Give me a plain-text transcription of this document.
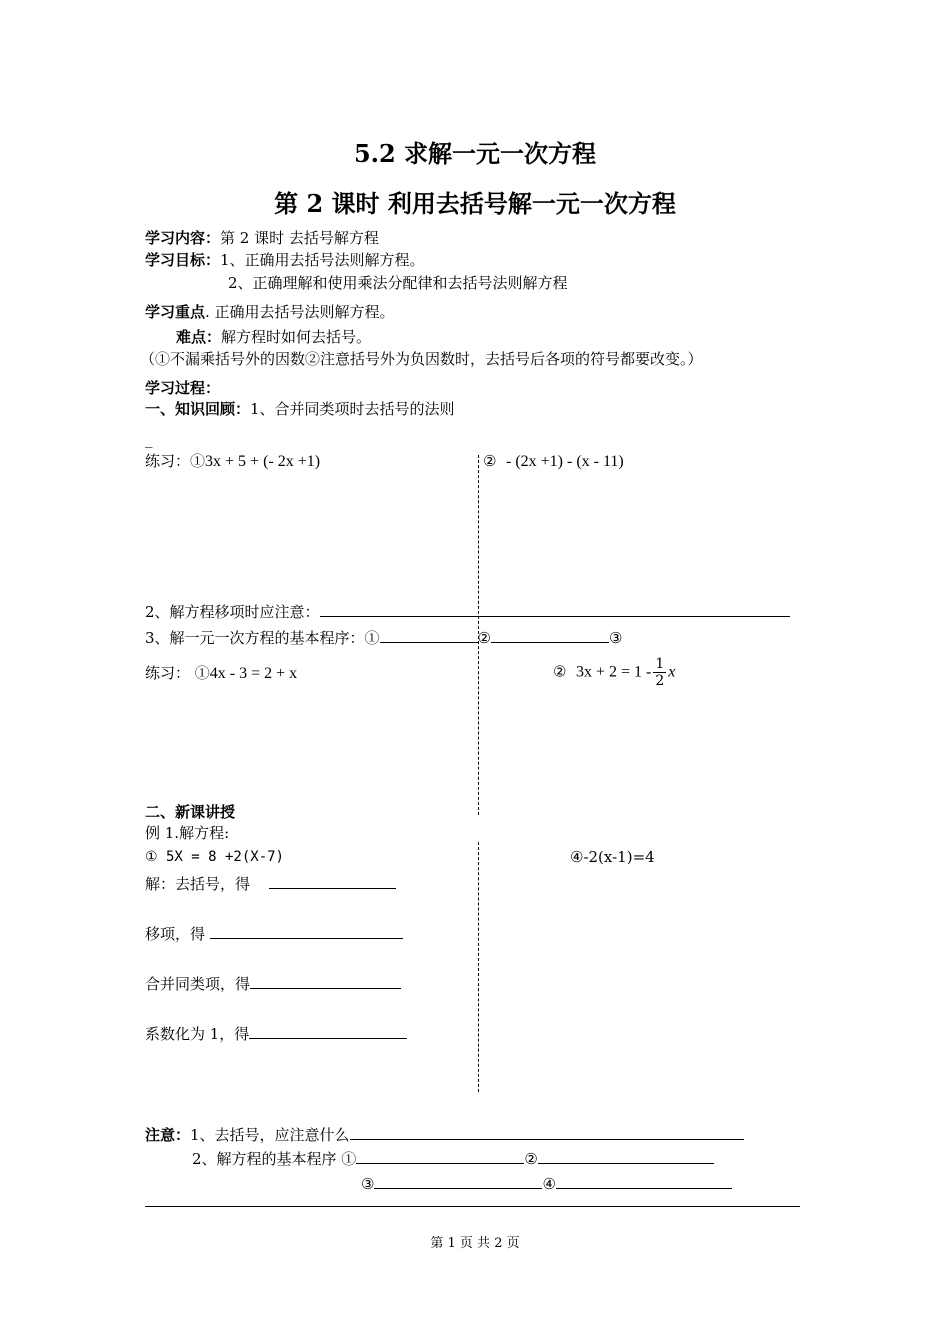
5.2 求解一元一次方程
第 2 课时 利用去括号解一元一次方程
学习内容：第 2 课时 去括号解方程
学习目标：1、正确用去括号法则解方程。
2、正确理解和使用乘法分配律和去括号法则解方程
学习重点. 正确用去括号法则解方程。
难点：解方程时如何去括号。
（①不漏乘括号外的因数②注意括号外为负因数时，去括号后各项的符号都要改变。）
学习过程：
一、知识回顾：1、合并同类项时去括号的法则
_
练习：①3x + 5 + (- 2x +1)	② - (2x +1) - (x - 11)
2、解方程移项时应注意：
3、解一元一次方程的基本程序：①	②	③
练习： ①4x - 3 = 2 + x	② $3x + 2 = 1 - \frac{1}{2}$ x
二、新课讲授
例 1.解方程:
① 5X = 8 +2(X-7)	④-2(x-1)=4
解：去括号，得
移项，得
合并同类项，得
系数化为 1，得
注意：1、去括号，应注意什么
2、解方程的基本程序 ①	②
③	④
第 1 页 共 2 页
